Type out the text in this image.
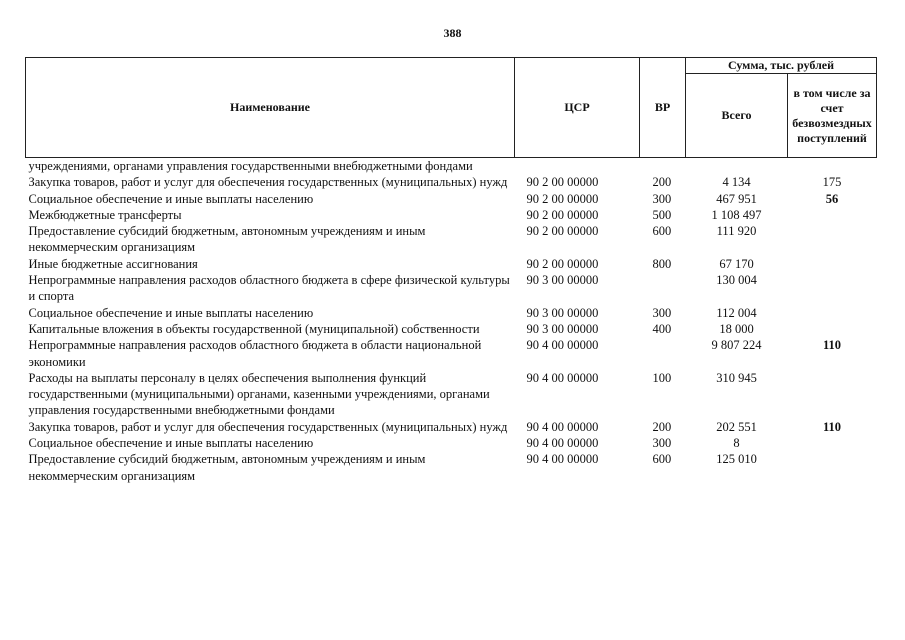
388
Наименование	ЦСР	ВР	Сумма, тыс. рублей	
			Всего	в том числе за счет безвозмездных поступлений
учреждениями, органами управления государственными внебюджетными фондами				
Закупка товаров, работ и услуг для обеспечения государственных (муниципальных) нужд	90 2 00 00000	200	4 134	175
Социальное обеспечение и иные выплаты населению	90 2 00 00000	300	467 951	56
Межбюджетные трансферты	90 2 00 00000	500	1 108 497	
Предоставление субсидий бюджетным, автономным учреждениям и иным некоммерческим организациям	90 2 00 00000	600	111 920	
Иные бюджетные ассигнования	90 2 00 00000	800	67 170	
Непрограммные направления расходов областного бюджета в сфере физической культуры и спорта	90 3 00 00000		130 004	
Социальное обеспечение и иные выплаты населению	90 3 00 00000	300	112 004	
Капитальные вложения в объекты государственной (муниципальной) собственности	90 3 00 00000	400	18 000	
Непрограммные направления расходов областного бюджета в области национальной экономики	90 4 00 00000		9 807 224	110
Расходы на выплаты персоналу в целях обеспечения выполнения функций государственными (муниципальными) органами, казенными учреждениями, органами управления государственными внебюджетными фондами	90 4 00 00000	100	310 945	
Закупка товаров, работ и услуг для обеспечения государственных (муниципальных) нужд	90 4 00 00000	200	202 551	110
Социальное обеспечение и иные выплаты населению	90 4 00 00000	300	8	
Предоставление субсидий бюджетным, автономным учреждениям и иным некоммерческим организациям	90 4 00 00000	600	125 010	
